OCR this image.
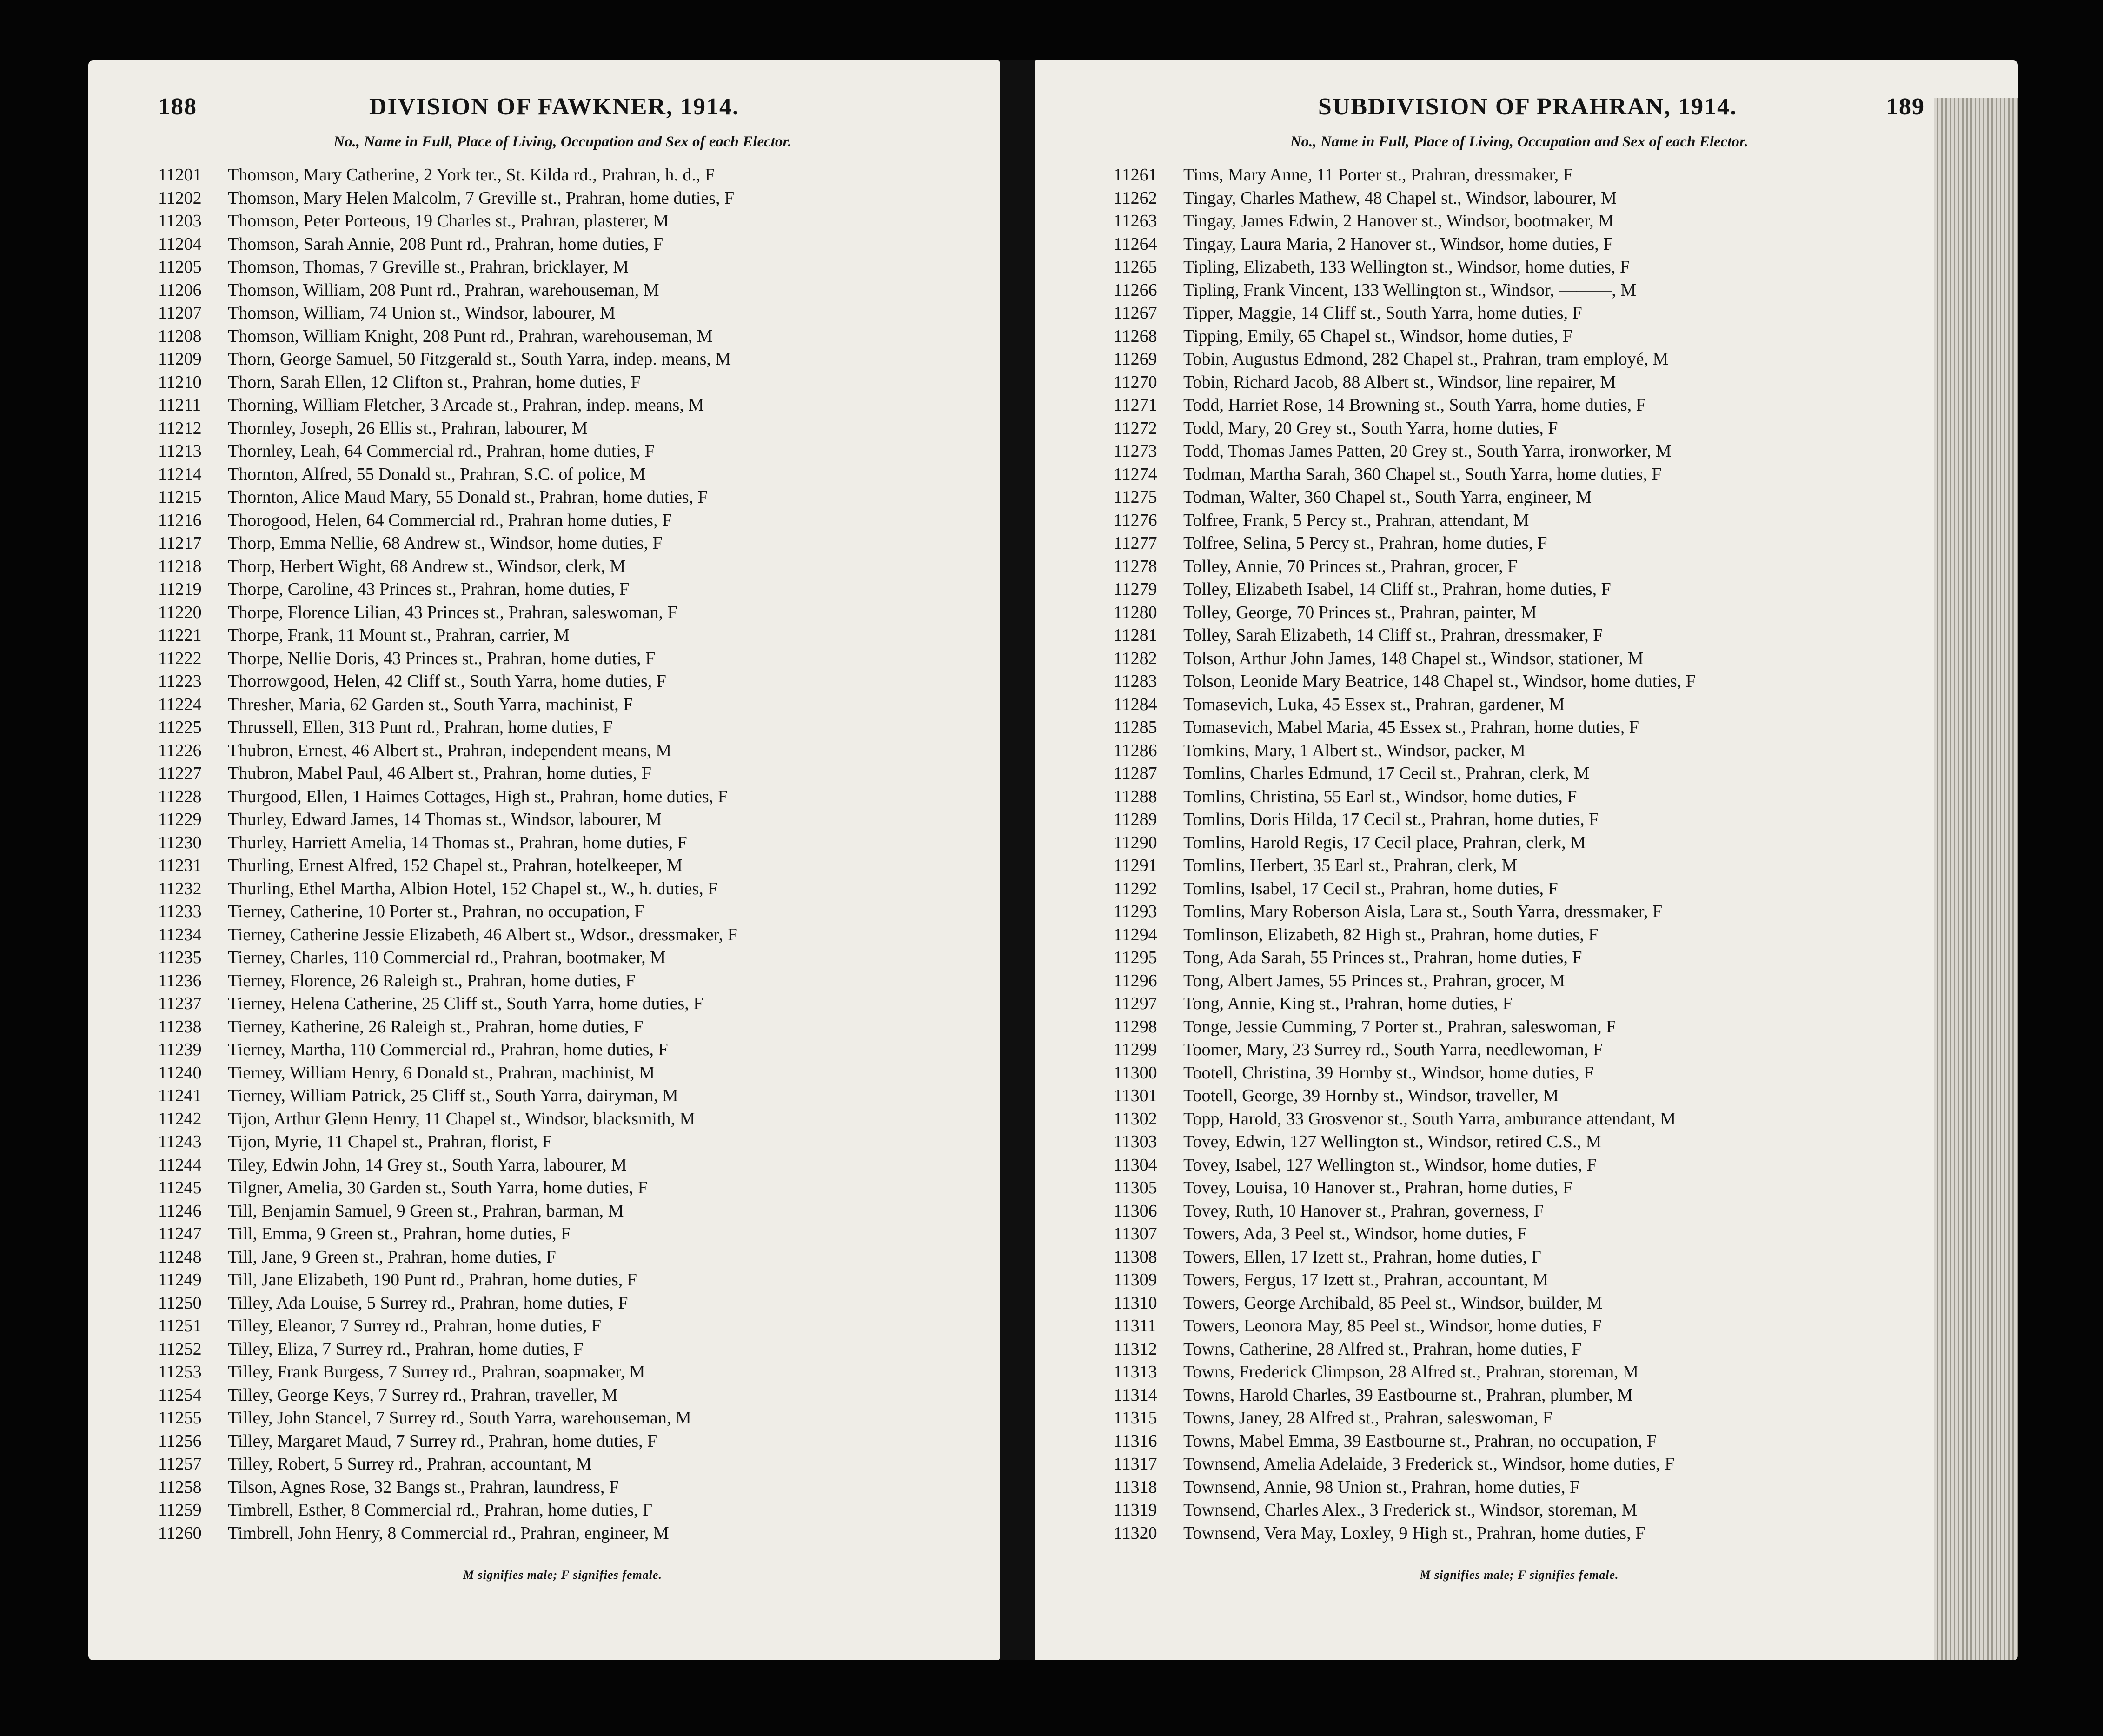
188	DIVISION OF FAWKNER, 1914.
No., Name in Full, Place of Living, Occupation and Sex of each Elector.
11201	Thomson, Mary Catherine, 2 York ter., St. Kilda rd., Prahran, h. d., F
11202	Thomson, Mary Helen Malcolm, 7 Greville st., Prahran, home duties, F
11203	Thomson, Peter Porteous, 19 Charles st., Prahran, plasterer, M
11204	Thomson, Sarah Annie, 208 Punt rd., Prahran, home duties, F
11205	Thomson, Thomas, 7 Greville st., Prahran, bricklayer, M
11206	Thomson, William, 208 Punt rd., Prahran, warehouseman, M
11207	Thomson, William, 74 Union st., Windsor, labourer, M
11208	Thomson, William Knight, 208 Punt rd., Prahran, warehouseman, M
11209	Thorn, George Samuel, 50 Fitzgerald st., South Yarra, indep. means, M
11210	Thorn, Sarah Ellen, 12 Clifton st., Prahran, home duties, F
11211	Thorning, William Fletcher, 3 Arcade st., Prahran, indep. means, M
11212	Thornley, Joseph, 26 Ellis st., Prahran, labourer, M
11213	Thornley, Leah, 64 Commercial rd., Prahran, home duties, F
11214	Thornton, Alfred, 55 Donald st., Prahran, S.C. of police, M
11215	Thornton, Alice Maud Mary, 55 Donald st., Prahran, home duties, F
11216	Thorogood, Helen, 64 Commercial rd., Prahran home duties, F
11217	Thorp, Emma Nellie, 68 Andrew st., Windsor, home duties, F
11218	Thorp, Herbert Wight, 68 Andrew st., Windsor, clerk, M
11219	Thorpe, Caroline, 43 Princes st., Prahran, home duties, F
11220	Thorpe, Florence Lilian, 43 Princes st., Prahran, saleswoman, F
11221	Thorpe, Frank, 11 Mount st., Prahran, carrier, M
11222	Thorpe, Nellie Doris, 43 Princes st., Prahran, home duties, F
11223	Thorrowgood, Helen, 42 Cliff st., South Yarra, home duties, F
11224	Thresher, Maria, 62 Garden st., South Yarra, machinist, F
11225	Thrussell, Ellen, 313 Punt rd., Prahran, home duties, F
11226	Thubron, Ernest, 46 Albert st., Prahran, independent means, M
11227	Thubron, Mabel Paul, 46 Albert st., Prahran, home duties, F
11228	Thurgood, Ellen, 1 Haimes Cottages, High st., Prahran, home duties, F
11229	Thurley, Edward James, 14 Thomas st., Windsor, labourer, M
11230	Thurley, Harriett Amelia, 14 Thomas st., Prahran, home duties, F
11231	Thurling, Ernest Alfred, 152 Chapel st., Prahran, hotelkeeper, M
11232	Thurling, Ethel Martha, Albion Hotel, 152 Chapel st., W., h. duties, F
11233	Tierney, Catherine, 10 Porter st., Prahran, no occupation, F
11234	Tierney, Catherine Jessie Elizabeth, 46 Albert st., Wdsor., dressmaker, F
11235	Tierney, Charles, 110 Commercial rd., Prahran, bootmaker, M
11236	Tierney, Florence, 26 Raleigh st., Prahran, home duties, F
11237	Tierney, Helena Catherine, 25 Cliff st., South Yarra, home duties, F
11238	Tierney, Katherine, 26 Raleigh st., Prahran, home duties, F
11239	Tierney, Martha, 110 Commercial rd., Prahran, home duties, F
11240	Tierney, William Henry, 6 Donald st., Prahran, machinist, M
11241	Tierney, William Patrick, 25 Cliff st., South Yarra, dairyman, M
11242	Tijon, Arthur Glenn Henry, 11 Chapel st., Windsor, blacksmith, M
11243	Tijon, Myrie, 11 Chapel st., Prahran, florist, F
11244	Tiley, Edwin John, 14 Grey st., South Yarra, labourer, M
11245	Tilgner, Amelia, 30 Garden st., South Yarra, home duties, F
11246	Till, Benjamin Samuel, 9 Green st., Prahran, barman, M
11247	Till, Emma, 9 Green st., Prahran, home duties, F
11248	Till, Jane, 9 Green st., Prahran, home duties, F
11249	Till, Jane Elizabeth, 190 Punt rd., Prahran, home duties, F
11250	Tilley, Ada Louise, 5 Surrey rd., Prahran, home duties, F
11251	Tilley, Eleanor, 7 Surrey rd., Prahran, home duties, F
11252	Tilley, Eliza, 7 Surrey rd., Prahran, home duties, F
11253	Tilley, Frank Burgess, 7 Surrey rd., Prahran, soapmaker, M
11254	Tilley, George Keys, 7 Surrey rd., Prahran, traveller, M
11255	Tilley, John Stancel, 7 Surrey rd., South Yarra, warehouseman, M
11256	Tilley, Margaret Maud, 7 Surrey rd., Prahran, home duties, F
11257	Tilley, Robert, 5 Surrey rd., Prahran, accountant, M
11258	Tilson, Agnes Rose, 32 Bangs st., Prahran, laundress, F
11259	Timbrell, Esther, 8 Commercial rd., Prahran, home duties, F
11260	Timbrell, John Henry, 8 Commercial rd., Prahran, engineer, M
M signifies male; F signifies female.
SUBDIVISION OF PRAHRAN, 1914.	189
No., Name in Full, Place of Living, Occupation and Sex of each Elector.
11261	Tims, Mary Anne, 11 Porter st., Prahran, dressmaker, F
11262	Tingay, Charles Mathew, 48 Chapel st., Windsor, labourer, M
11263	Tingay, James Edwin, 2 Hanover st., Windsor, bootmaker, M
11264	Tingay, Laura Maria, 2 Hanover st., Windsor, home duties, F
11265	Tipling, Elizabeth, 133 Wellington st., Windsor, home duties, F
11266	Tipling, Frank Vincent, 133 Wellington st., Windsor, ———, M
11267	Tipper, Maggie, 14 Cliff st., South Yarra, home duties, F
11268	Tipping, Emily, 65 Chapel st., Windsor, home duties, F
11269	Tobin, Augustus Edmond, 282 Chapel st., Prahran, tram employé, M
11270	Tobin, Richard Jacob, 88 Albert st., Windsor, line repairer, M
11271	Todd, Harriet Rose, 14 Browning st., South Yarra, home duties, F
11272	Todd, Mary, 20 Grey st., South Yarra, home duties, F
11273	Todd, Thomas James Patten, 20 Grey st., South Yarra, ironworker, M
11274	Todman, Martha Sarah, 360 Chapel st., South Yarra, home duties, F
11275	Todman, Walter, 360 Chapel st., South Yarra, engineer, M
11276	Tolfree, Frank, 5 Percy st., Prahran, attendant, M
11277	Tolfree, Selina, 5 Percy st., Prahran, home duties, F
11278	Tolley, Annie, 70 Princes st., Prahran, grocer, F
11279	Tolley, Elizabeth Isabel, 14 Cliff st., Prahran, home duties, F
11280	Tolley, George, 70 Princes st., Prahran, painter, M
11281	Tolley, Sarah Elizabeth, 14 Cliff st., Prahran, dressmaker, F
11282	Tolson, Arthur John James, 148 Chapel st., Windsor, stationer, M
11283	Tolson, Leonide Mary Beatrice, 148 Chapel st., Windsor, home duties, F
11284	Tomasevich, Luka, 45 Essex st., Prahran, gardener, M
11285	Tomasevich, Mabel Maria, 45 Essex st., Prahran, home duties, F
11286	Tomkins, Mary, 1 Albert st., Windsor, packer, M
11287	Tomlins, Charles Edmund, 17 Cecil st., Prahran, clerk, M
11288	Tomlins, Christina, 55 Earl st., Windsor, home duties, F
11289	Tomlins, Doris Hilda, 17 Cecil st., Prahran, home duties, F
11290	Tomlins, Harold Regis, 17 Cecil place, Prahran, clerk, M
11291	Tomlins, Herbert, 35 Earl st., Prahran, clerk, M
11292	Tomlins, Isabel, 17 Cecil st., Prahran, home duties, F
11293	Tomlins, Mary Roberson Aisla, Lara st., South Yarra, dressmaker, F
11294	Tomlinson, Elizabeth, 82 High st., Prahran, home duties, F
11295	Tong, Ada Sarah, 55 Princes st., Prahran, home duties, F
11296	Tong, Albert James, 55 Princes st., Prahran, grocer, M
11297	Tong, Annie, King st., Prahran, home duties, F
11298	Tonge, Jessie Cumming, 7 Porter st., Prahran, saleswoman, F
11299	Toomer, Mary, 23 Surrey rd., South Yarra, needlewoman, F
11300	Tootell, Christina, 39 Hornby st., Windsor, home duties, F
11301	Tootell, George, 39 Hornby st., Windsor, traveller, M
11302	Topp, Harold, 33 Grosvenor st., South Yarra, amburance attendant, M
11303	Tovey, Edwin, 127 Wellington st., Windsor, retired C.S., M
11304	Tovey, Isabel, 127 Wellington st., Windsor, home duties, F
11305	Tovey, Louisa, 10 Hanover st., Prahran, home duties, F
11306	Tovey, Ruth, 10 Hanover st., Prahran, governess, F
11307	Towers, Ada, 3 Peel st., Windsor, home duties, F
11308	Towers, Ellen, 17 Izett st., Prahran, home duties, F
11309	Towers, Fergus, 17 Izett st., Prahran, accountant, M
11310	Towers, George Archibald, 85 Peel st., Windsor, builder, M
11311	Towers, Leonora May, 85 Peel st., Windsor, home duties, F
11312	Towns, Catherine, 28 Alfred st., Prahran, home duties, F
11313	Towns, Frederick Climpson, 28 Alfred st., Prahran, storeman, M
11314	Towns, Harold Charles, 39 Eastbourne st., Prahran, plumber, M
11315	Towns, Janey, 28 Alfred st., Prahran, saleswoman, F
11316	Towns, Mabel Emma, 39 Eastbourne st., Prahran, no occupation, F
11317	Townsend, Amelia Adelaide, 3 Frederick st., Windsor, home duties, F
11318	Townsend, Annie, 98 Union st., Prahran, home duties, F
11319	Townsend, Charles Alex., 3 Frederick st., Windsor, storeman, M
11320	Townsend, Vera May, Loxley, 9 High st., Prahran, home duties, F
M signifies male; F signifies female.
